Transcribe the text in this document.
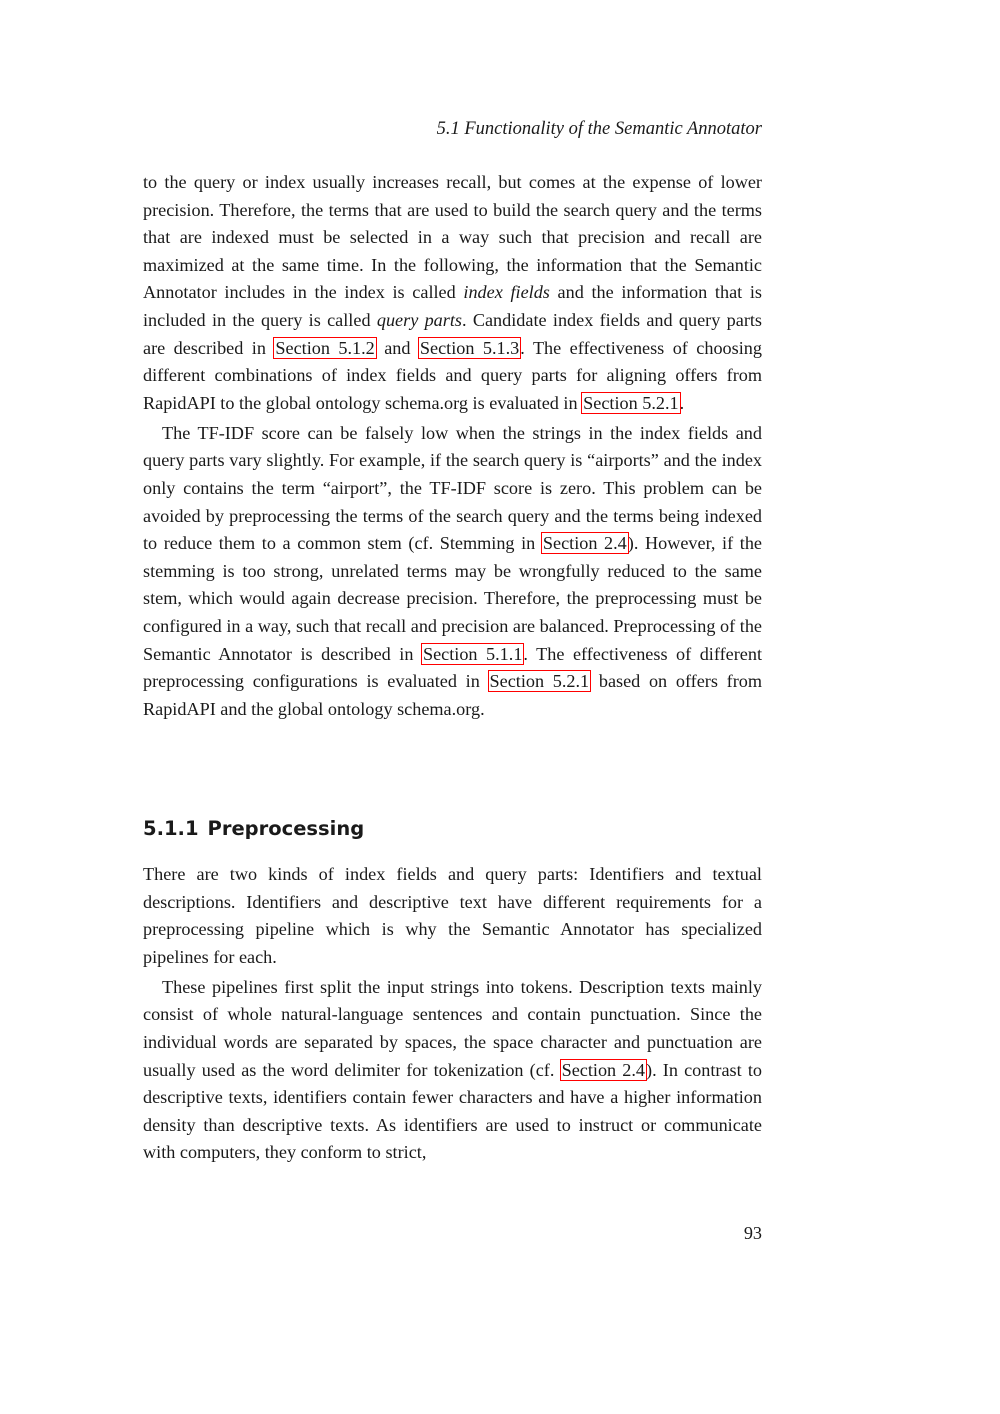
5.1 Functionality of the Semantic Annotator

to the query or index usually increases recall, but comes at the expense of lower precision. Therefore, the terms that are used to build the search query and the terms that are indexed must be selected in a way such that precision and recall are maximized at the same time. In the following, the information that the Semantic Annotator includes in the index is called index fields and the information that is included in the query is called query parts. Candidate index fields and query parts are described in Section 5.1.2 and Section 5.1.3. The effectiveness of choosing different combinations of index fields and query parts for aligning offers from RapidAPI to the global ontology schema.org is evaluated in Section 5.2.1.

The TF-IDF score can be falsely low when the strings in the index fields and query parts vary slightly. For example, if the search query is “airports” and the index only contains the term “airport”, the TF-IDF score is zero. This problem can be avoided by preprocessing the terms of the search query and the terms being indexed to reduce them to a common stem (cf. Stemming in Section 2.4). However, if the stemming is too strong, unrelated terms may be wrongfully reduced to the same stem, which would again decrease precision. Therefore, the preprocessing must be configured in a way, such that recall and precision are balanced. Preprocessing of the Semantic Annotator is described in Section 5.1.1. The effectiveness of different preprocessing configurations is evaluated in Section 5.2.1 based on offers from RapidAPI and the global ontology schema.org.

5.1.1 Preprocessing

There are two kinds of index fields and query parts: Identifiers and textual descriptions. Identifiers and descriptive text have different requirements for a preprocessing pipeline which is why the Semantic Annotator has specialized pipelines for each.

These pipelines first split the input strings into tokens. Description texts mainly consist of whole natural-language sentences and contain punctuation. Since the individual words are separated by spaces, the space character and punctuation are usually used as the word delimiter for tokenization (cf. Section 2.4). In contrast to descriptive texts, identifiers contain fewer characters and have a higher information density than descriptive texts. As identifiers are used to instruct or communicate with computers, they conform to strict,

93
